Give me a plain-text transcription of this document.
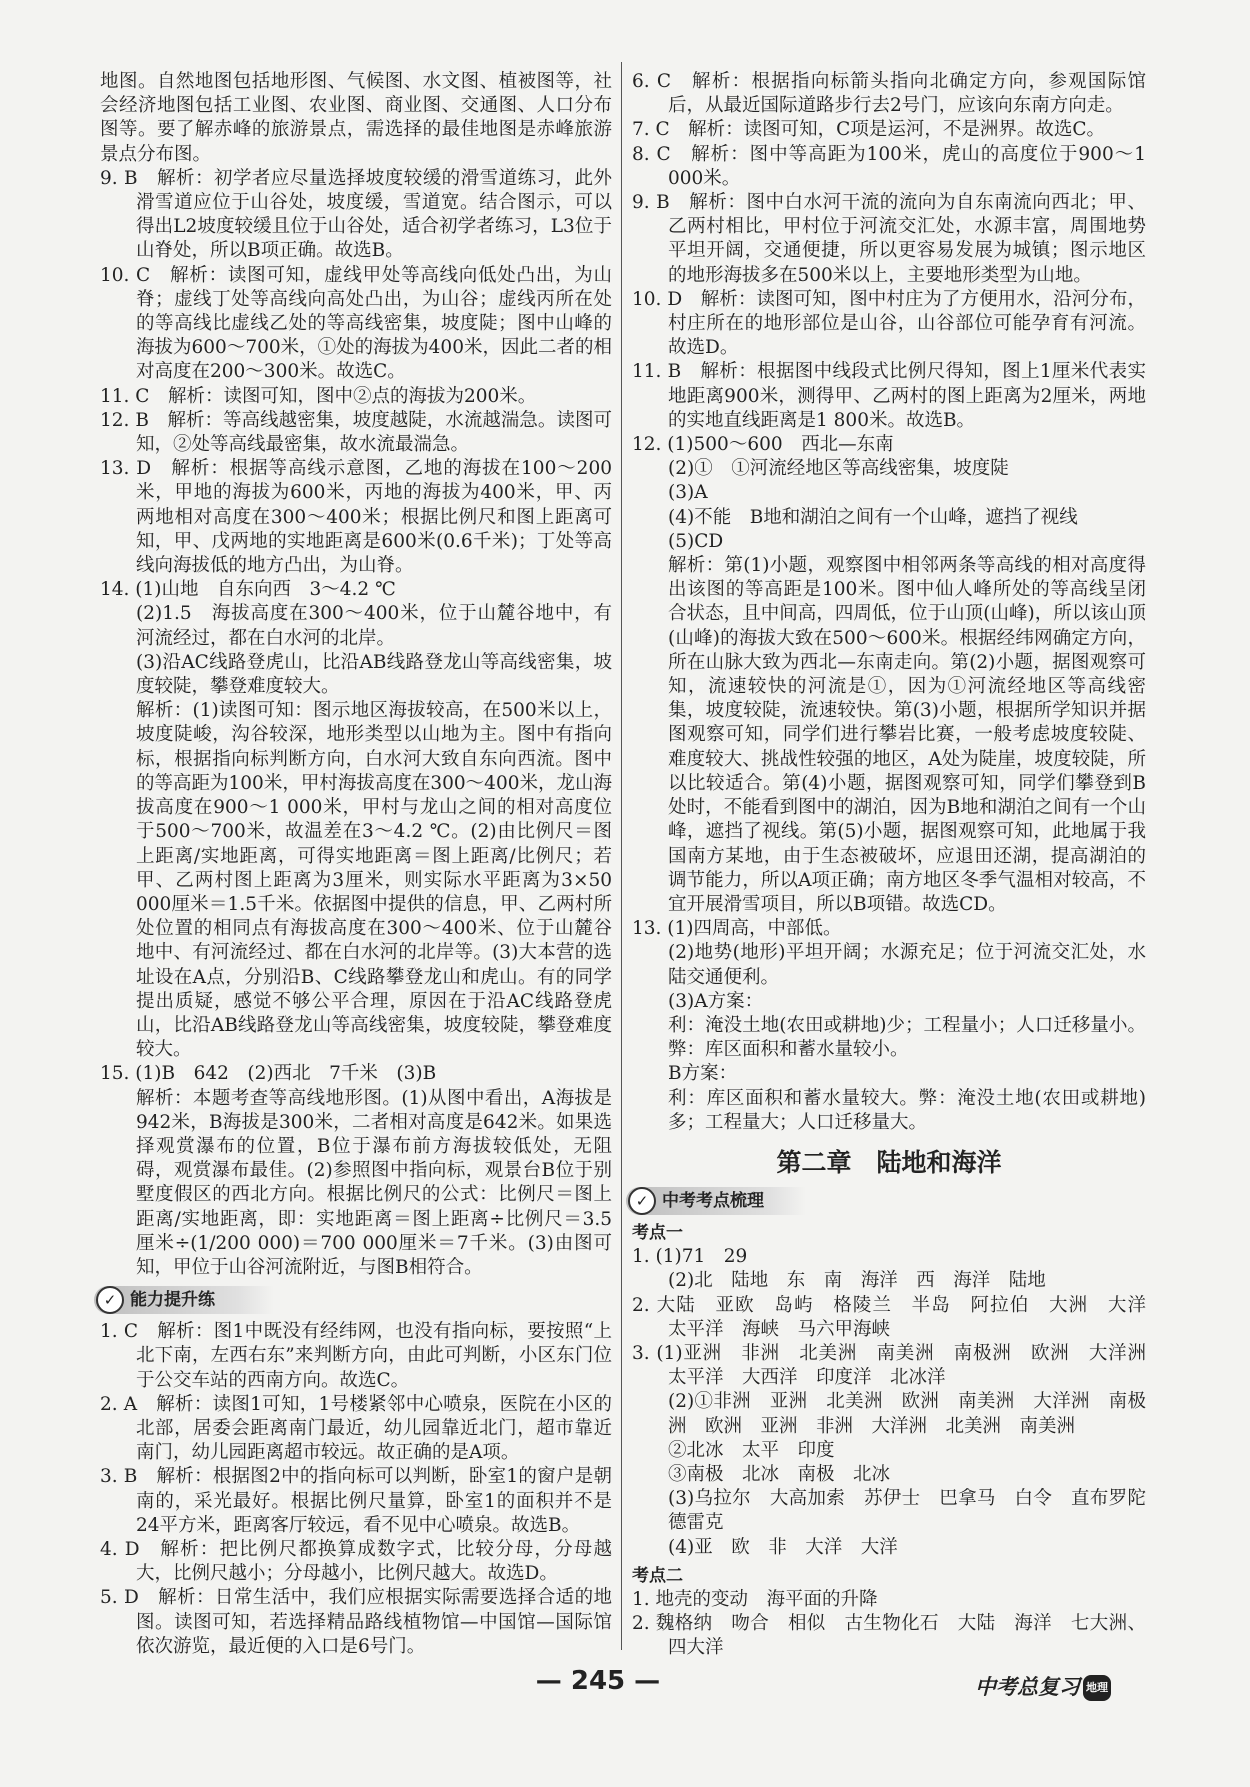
地图。自然地图包括地形图、气候图、水文图、植被图等，社会经济地图包括工业图、农业图、商业图、交通图、人口分布图等。要了解赤峰的旅游景点，需选择的最佳地图是赤峰旅游景点分布图。

9. B　解析：初学者应尽量选择坡度较缓的滑雪道练习，此外滑雪道应位于山谷处，坡度缓，雪道宽。结合图示，可以得出L2坡度较缓且位于山谷处，适合初学者练习，L3位于山脊处，所以B项正确。故选B。

10. C　解析：读图可知，虚线甲处等高线向低处凸出，为山脊；虚线丁处等高线向高处凸出，为山谷；虚线丙所在处的等高线比虚线乙处的等高线密集，坡度陡；图中山峰的海拔为600～700米，①处的海拔为400米，因此二者的相对高度在200～300米。故选C。

11. C　解析：读图可知，图中②点的海拔为200米。

12. B　解析：等高线越密集，坡度越陡，水流越湍急。读图可知，②处等高线最密集，故水流最湍急。

13. D　解析：根据等高线示意图，乙地的海拔在100～200米，甲地的海拔为600米，丙地的海拔为400米，甲、丙两地相对高度在300～400米；根据比例尺和图上距离可知，甲、戊两地的实地距离是600米(0.6千米)；丁处等高线向海拔低的地方凸出，为山脊。

14. (1)山地　自东向西　3～4.2 ℃

(2)1.5　海拔高度在300～400米，位于山麓谷地中，有河流经过，都在白水河的北岸。

(3)沿AC线路登虎山，比沿AB线路登龙山等高线密集，坡度较陡，攀登难度较大。

解析：(1)读图可知：图示地区海拔较高，在500米以上，坡度陡峻，沟谷较深，地形类型以山地为主。图中有指向标，根据指向标判断方向，白水河大致自东向西流。图中的等高距为100米，甲村海拔高度在300～400米，龙山海拔高度在900～1 000米，甲村与龙山之间的相对高度位于500～700米，故温差在3～4.2 ℃。(2)由比例尺＝图上距离/实地距离，可得实地距离＝图上距离/比例尺；若甲、乙两村图上距离为3厘米，则实际水平距离为3×50 000厘米＝1.5千米。依据图中提供的信息，甲、乙两村所处位置的相同点有海拔高度在300～400米、位于山麓谷地中、有河流经过、都在白水河的北岸等。(3)大本营的选址设在A点，分别沿B、C线路攀登龙山和虎山。有的同学提出质疑，感觉不够公平合理，原因在于沿AC线路登虎山，比沿AB线路登龙山等高线密集，坡度较陡，攀登难度较大。

15. (1)B　642　(2)西北　7千米　(3)B

解析：本题考查等高线地形图。(1)从图中看出，A海拔是942米，B海拔是300米，二者相对高度是642米。如果选择观赏瀑布的位置，B位于瀑布前方海拔较低处，无阻碍，观赏瀑布最佳。(2)参照图中指向标，观景台B位于别墅度假区的西北方向。根据比例尺的公式：比例尺＝图上距离/实地距离，即：实地距离＝图上距离÷比例尺＝3.5厘米÷(1/200 000)＝700 000厘米＝7千米。(3)由图可知，甲位于山谷河流附近，与图B相符合。

✓ 能力提升练

1. C　解析：图1中既没有经纬网，也没有指向标，要按照“上北下南，左西右东”来判断方向，由此可判断，小区东门位于公交车站的西南方向。故选C。

2. A　解析：读图1可知，1号楼紧邻中心喷泉，医院在小区的北部，居委会距离南门最近，幼儿园靠近北门，超市靠近南门，幼儿园距离超市较远。故正确的是A项。

3. B　解析：根据图2中的指向标可以判断，卧室1的窗户是朝南的，采光最好。根据比例尺量算，卧室1的面积并不是24平方米，距离客厅较远，看不见中心喷泉。故选B。

4. D　解析：把比例尺都换算成数字式，比较分母，分母越大，比例尺越小；分母越小，比例尺越大。故选D。

5. D　解析：日常生活中，我们应根据实际需要选择合适的地图。读图可知，若选择精品路线植物馆—中国馆—国际馆依次游览，最近便的入口是6号门。

6. C　解析：根据指向标箭头指向北确定方向，参观国际馆后，从最近国际道路步行去2号门，应该向东南方向走。

7. C　解析：读图可知，C项是运河，不是洲界。故选C。

8. C　解析：图中等高距为100米，虎山的高度位于900～1 000米。

9. B　解析：图中白水河干流的流向为自东南流向西北；甲、乙两村相比，甲村位于河流交汇处，水源丰富，周围地势平坦开阔，交通便捷，所以更容易发展为城镇；图示地区的地形海拔多在500米以上，主要地形类型为山地。

10. D　解析：读图可知，图中村庄为了方便用水，沿河分布，村庄所在的地形部位是山谷，山谷部位可能孕育有河流。故选D。

11. B　解析：根据图中线段式比例尺得知，图上1厘米代表实地距离900米，测得甲、乙两村的图上距离为2厘米，两地的实地直线距离是1 800米。故选B。

12. (1)500～600　西北—东南

(2)①　①河流经地区等高线密集，坡度陡

(3)A

(4)不能　B地和湖泊之间有一个山峰，遮挡了视线

(5)CD

解析：第(1)小题，观察图中相邻两条等高线的相对高度得出该图的等高距是100米。图中仙人峰所处的等高线呈闭合状态，且中间高，四周低，位于山顶(山峰)，所以该山顶(山峰)的海拔大致在500～600米。根据经纬网确定方向，所在山脉大致为西北—东南走向。第(2)小题，据图观察可知，流速较快的河流是①，因为①河流经地区等高线密集，坡度较陡，流速较快。第(3)小题，根据所学知识并据图观察可知，同学们进行攀岩比赛，一般考虑坡度较陡、难度较大、挑战性较强的地区，A处为陡崖，坡度较陡，所以比较适合。第(4)小题，据图观察可知，同学们攀登到B处时，不能看到图中的湖泊，因为B地和湖泊之间有一个山峰，遮挡了视线。第(5)小题，据图观察可知，此地属于我国南方某地，由于生态被破坏，应退田还湖，提高湖泊的调节能力，所以A项正确；南方地区冬季气温相对较高，不宜开展滑雪项目，所以B项错。故选CD。

13. (1)四周高，中部低。

(2)地势(地形)平坦开阔；水源充足；位于河流交汇处，水陆交通便利。

(3)A方案：

利：淹没土地(农田或耕地)少；工程量小；人口迁移量小。弊：库区面积和蓄水量较小。

B方案：

利：库区面积和蓄水量较大。弊：淹没土地(农田或耕地)多；工程量大；人口迁移量大。

第二章　陆地和海洋

✓ 中考考点梳理

考点一

1. (1)71　29

(2)北　陆地　东　南　海洋　西　海洋　陆地

2. 大陆　亚欧　岛屿　格陵兰　半岛　阿拉伯　大洲　大洋　太平洋　海峡　马六甲海峡

3. (1)亚洲　非洲　北美洲　南美洲　南极洲　欧洲　大洋洲　太平洋　大西洋　印度洋　北冰洋

(2)①非洲　亚洲　北美洲　欧洲　南美洲　大洋洲　南极洲　欧洲　亚洲　非洲　大洋洲　北美洲　南美洲

②北冰　太平　印度

③南极　北冰　南极　北冰

(3)乌拉尔　大高加索　苏伊士　巴拿马　白令　直布罗陀　德雷克

(4)亚　欧　非　大洋　大洋

考点二

1. 地壳的变动　海平面的升降

2. 魏格纳　吻合　相似　古生物化石　大陆　海洋　七大洲、四大洋

— 245 —	中考总复习 地理
